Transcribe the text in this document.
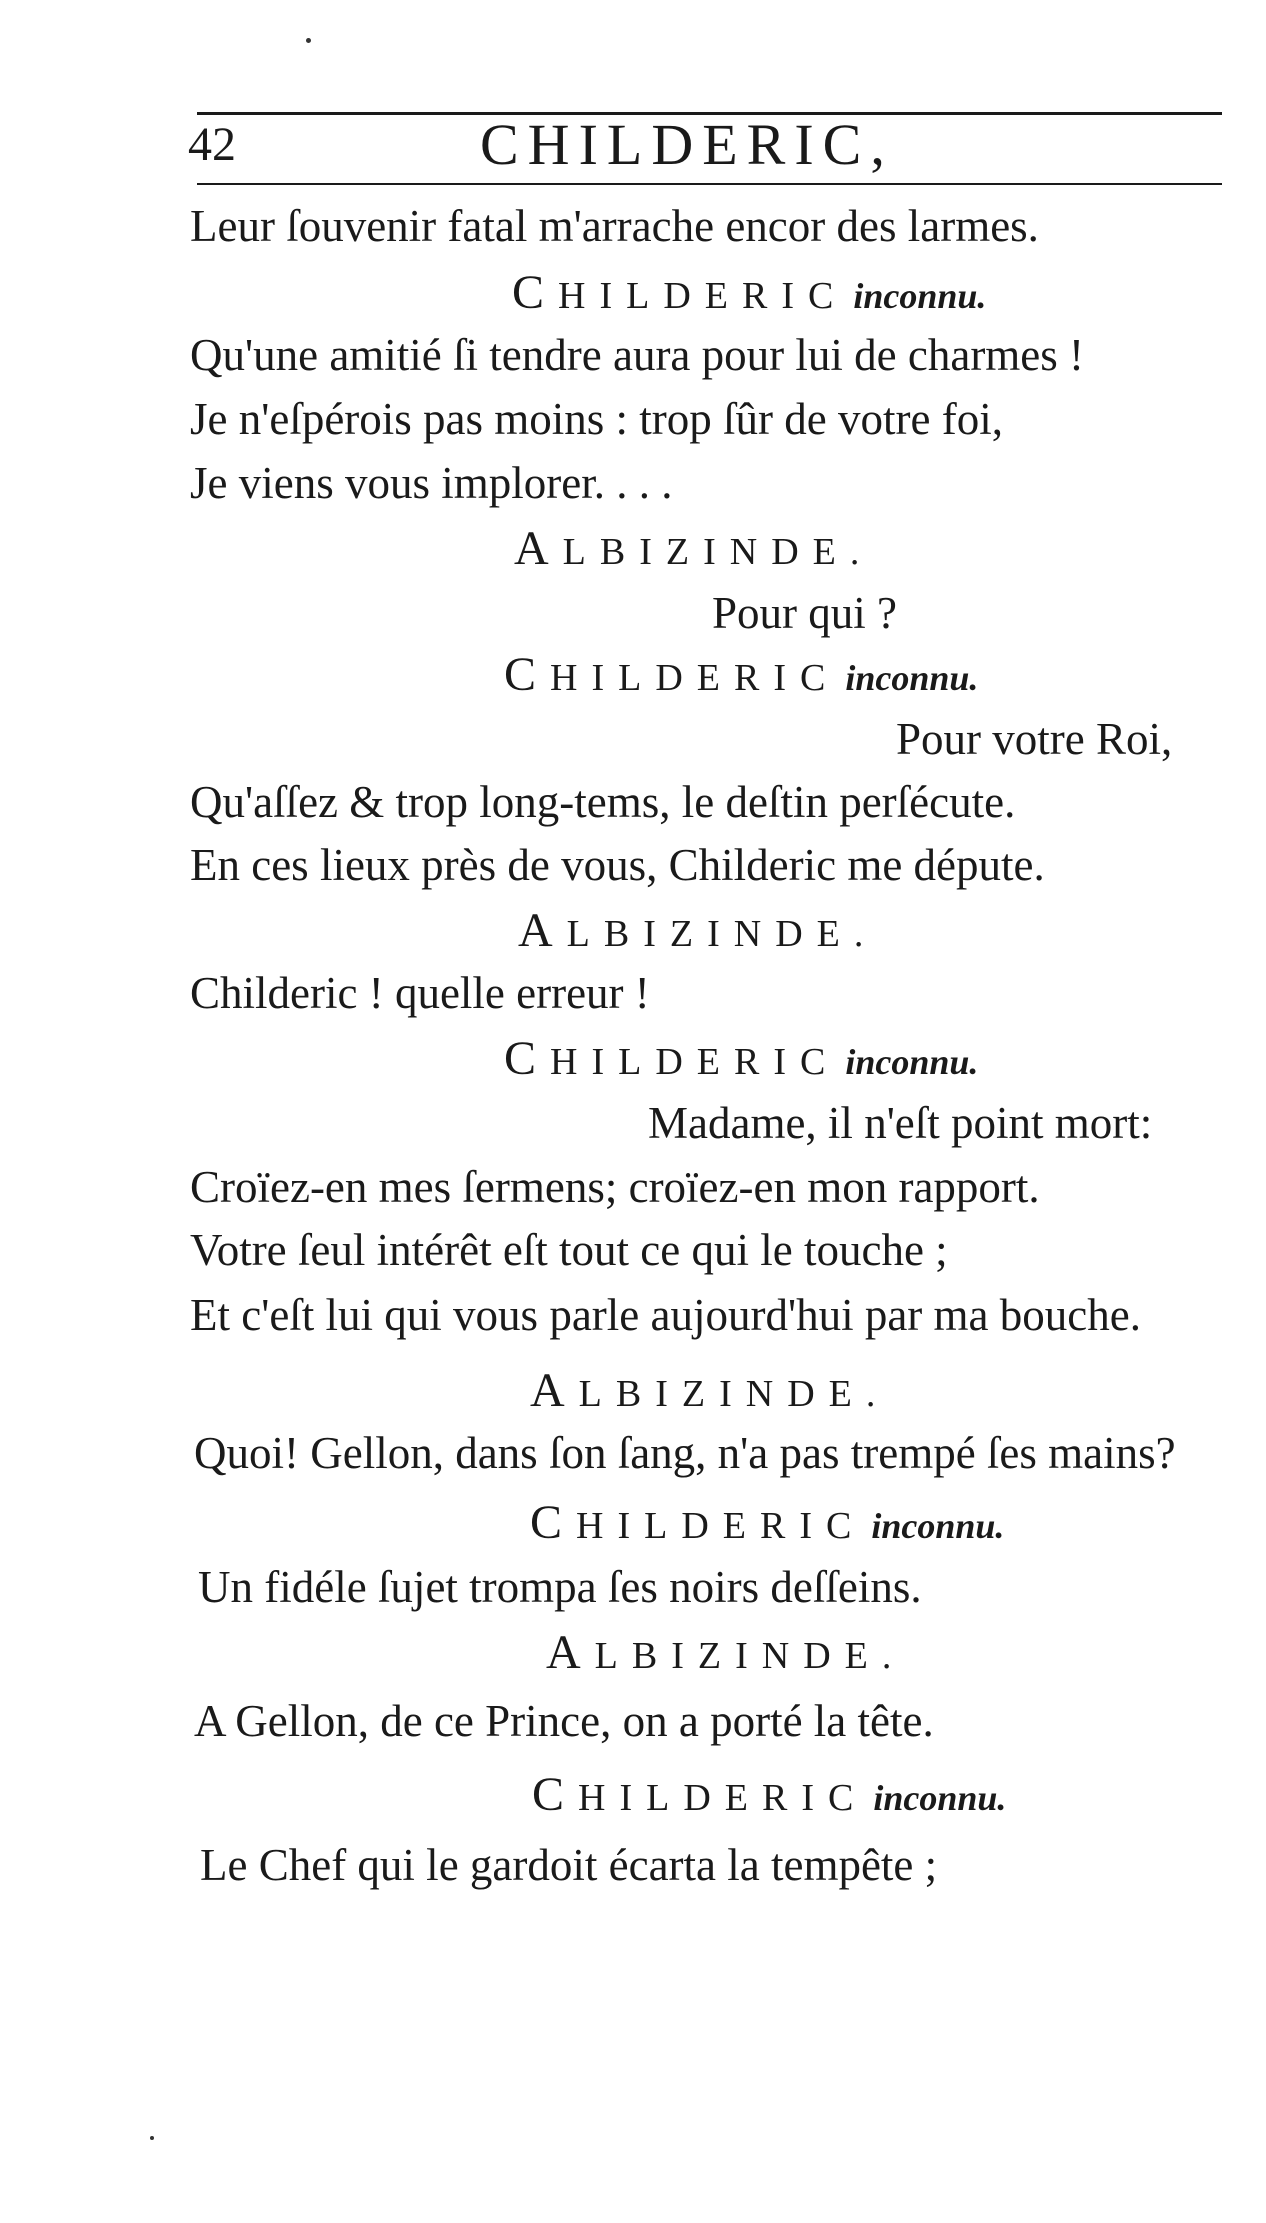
42	CHILDERIC,
Leur ſouvenir fatal m'arrache encor des larmes.
CHILDERIC inconnu.
Qu'une amitié ſi tendre aura pour lui de charmes !
Je n'eſpérois pas moins : trop ſûr de votre foi,
Je viens vous implorer. . . .
ALBIZINDE.
Pour qui ?
CHILDERIC inconnu.
Pour votre Roi,
Qu'aſſez & trop long-tems, le deſtin perſécute.
En ces lieux près de vous, Childeric me députe.
ALBIZINDE.
Childeric ! quelle erreur !
CHILDERIC inconnu.
Madame, il n'eſt point mort:
Croïez-en mes ſermens; croïez-en mon rapport.
Votre ſeul intérêt eſt tout ce qui le touche ;
Et c'eſt lui qui vous parle aujourd'hui par ma bouche.
ALBIZINDE.
Quoi! Gellon, dans ſon ſang, n'a pas trempé ſes mains?
CHILDERIC inconnu.
Un fidéle ſujet trompa ſes noirs deſſeins.
ALBIZINDE.
A Gellon, de ce Prince, on a porté la tête.
CHILDERIC inconnu.
Le Chef qui le gardoit écarta la tempête ;
